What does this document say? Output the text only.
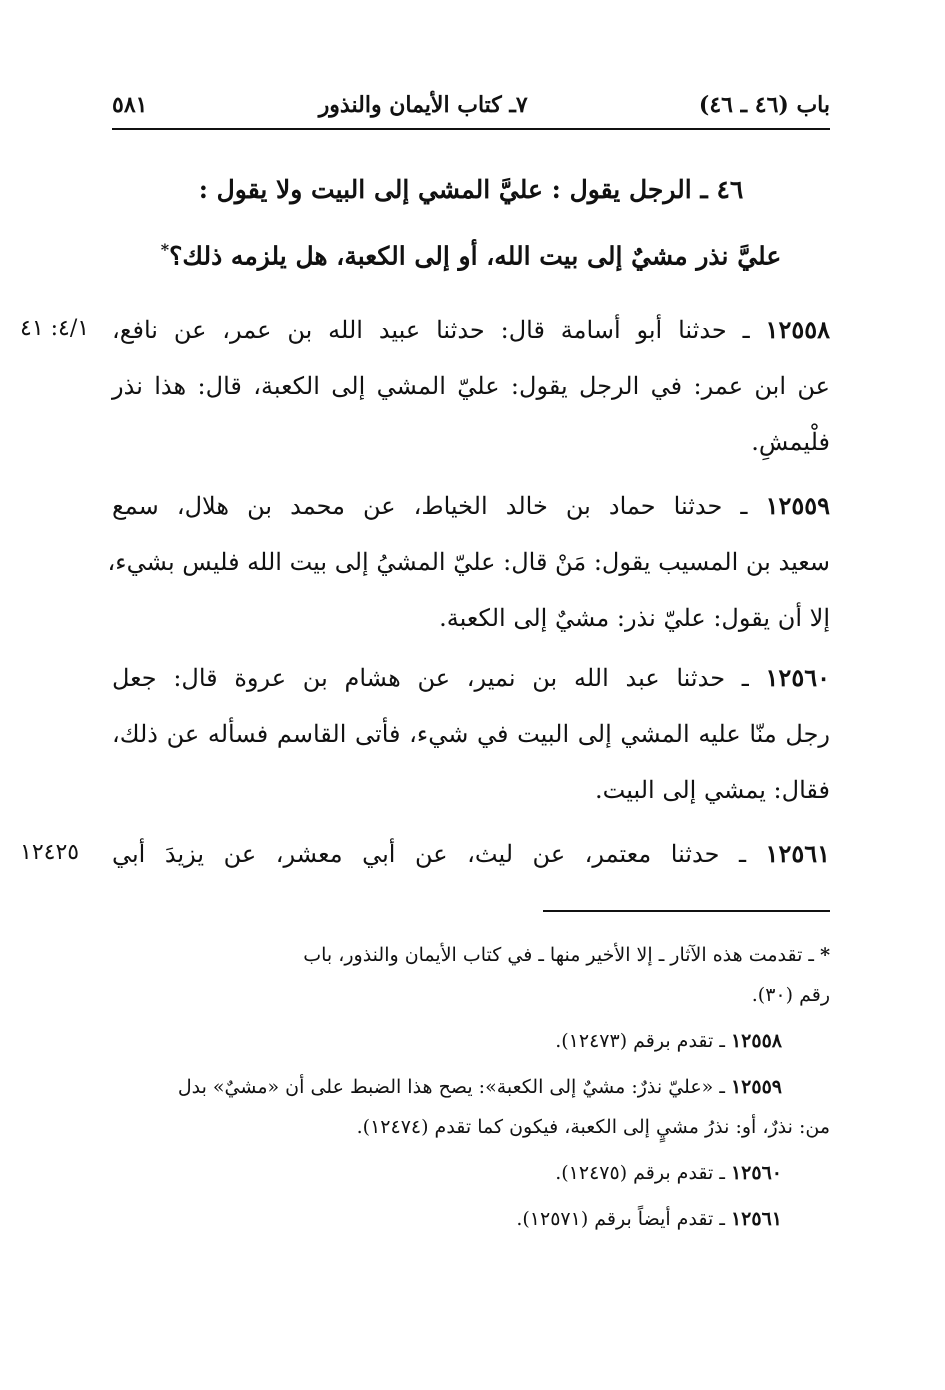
باب (٤٦ ـ ٤٦)
٧ـ كتاب الأيمان والنذور
٥٨١
٤٦ ـ الرجل يقول : عليَّ المشي إلى البيت ولا يقول :
عليَّ نذر مشيٌ إلى بيت الله، أو إلى الكعبة، هل يلزمه ذلك؟*
٤/١: ٤١	١٢٥٥٨ ـ حدثنا أبو أسامة قال: حدثنا عبيد الله بن عمر، عن نافع،
عن ابن عمر: في الرجل يقول: عليّ المشي إلى الكعبة، قال: هذا نذر
فلْيمشِ.
١٢٥٥٩ ـ حدثنا حماد بن خالد الخياط، عن محمد بن هلال، سمع
سعيد بن المسيب يقول: مَنْ قال: عليّ المشيُ إلى بيت الله فليس بشيء،
إلا أن يقول: عليّ نذر: مشيٌ إلى الكعبة.
١٢٥٦٠ ـ حدثنا عبد الله بن نمير، عن هشام بن عروة قال: جعل
رجل منّا عليه المشي إلى البيت في شيء، فأتى القاسم فسأله عن ذلك،
فقال: يمشي إلى البيت.
١٢٤٢٥	١٢٥٦١ ـ حدثنا معتمر، عن ليث، عن أبي معشر، عن يزيدَ أبي
* ـ تقدمت هذه الآثار ـ إلا الأخير منها ـ في كتاب الأيمان والنذور، باب
رقم (٣٠).
١٢٥٥٨ ـ تقدم برقم (١٢٤٧٣).
١٢٥٥٩ ـ «عليّ نذرٌ: مشيٌ إلى الكعبة»: يصح هذا الضبط على أن «مشيٌ» بدل
من: نذرٌ، أو: نذرُ مشيٍ إلى الكعبة، فيكون كما تقدم (١٢٤٧٤).
١٢٥٦٠ ـ تقدم برقم (١٢٤٧٥).
١٢٥٦١ ـ تقدم أيضاً برقم (١٢٥٧١).
